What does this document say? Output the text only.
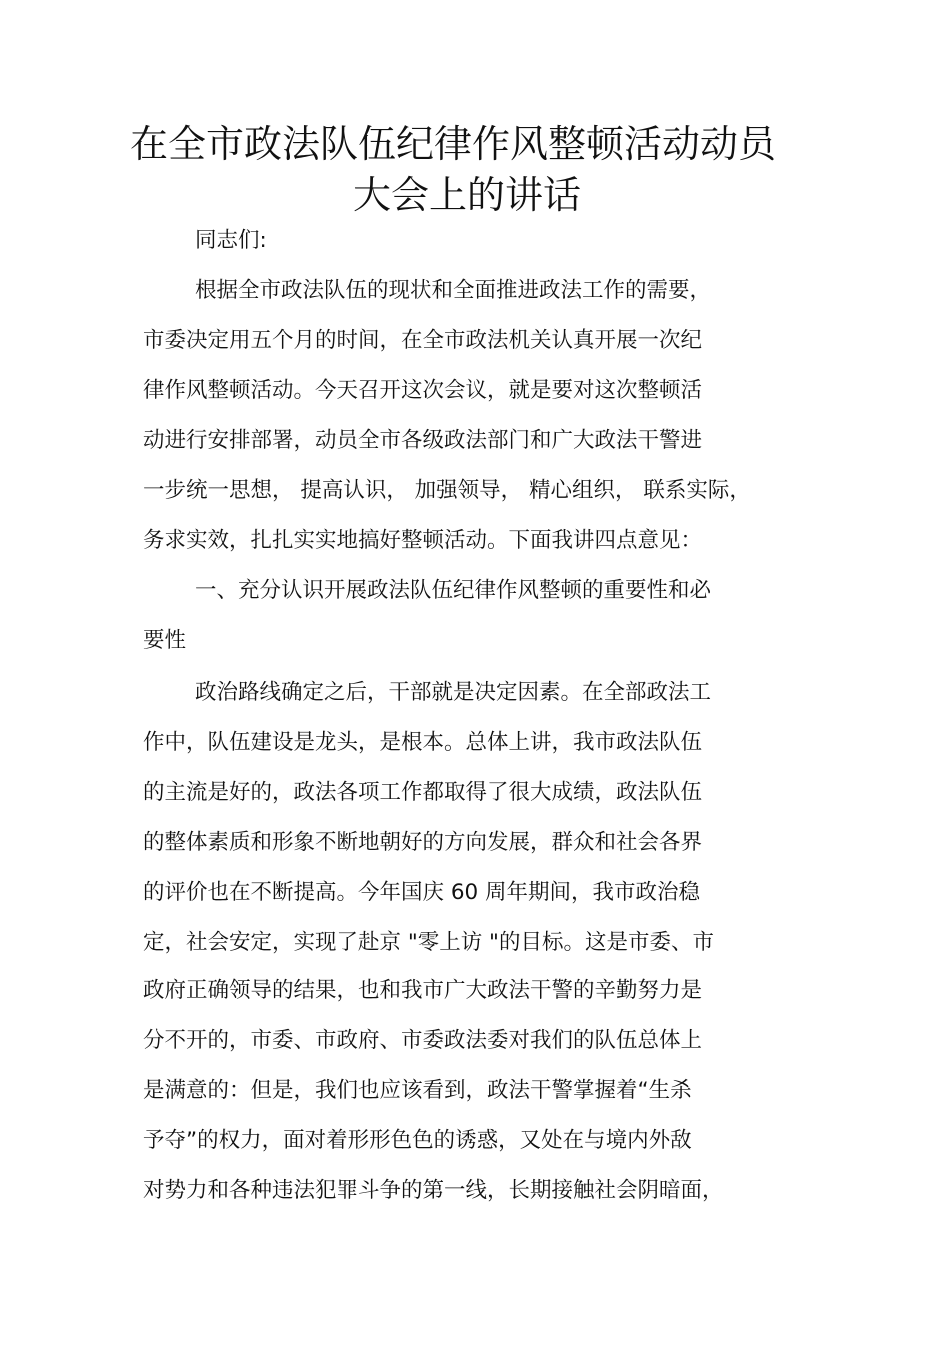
在全市政法队伍纪律作风整顿活动动员
大会上的讲话
同志们:
根据全市政法队伍的现状和全面推进政法工作的需要，
市委决定用五个月的时间，在全市政法机关认真开展一次纪
律作风整顿活动。今天召开这次会议，就是要对这次整顿活
动进行安排部署，动员全市各级政法部门和广大政法干警进
一步统一思想， 提高认识， 加强领导， 精心组织， 联系实际，
务求实效，扎扎实实地搞好整顿活动。下面我讲四点意见：
一、充分认识开展政法队伍纪律作风整顿的重要性和必
要性
政治路线确定之后，干部就是决定因素。在全部政法工
作中，队伍建设是龙头，是根本。总体上讲，我市政法队伍
的主流是好的，政法各项工作都取得了很大成绩，政法队伍
的整体素质和形象不断地朝好的方向发展，群众和社会各界
的评价也在不断提高。今年国庆 60 周年期间，我市政治稳
定，社会安定，实现了赴京 "零上访 "的目标。这是市委、市
政府正确领导的结果，也和我市广大政法干警的辛勤努力是
分不开的，市委、市政府、市委政法委对我们的队伍总体上
是满意的：但是，我们也应该看到，政法干警掌握着“生杀
予夺”的权力，面对着形形色色的诱惑，又处在与境内外敌
对势力和各种违法犯罪斗争的第一线，长期接触社会阴暗面，
